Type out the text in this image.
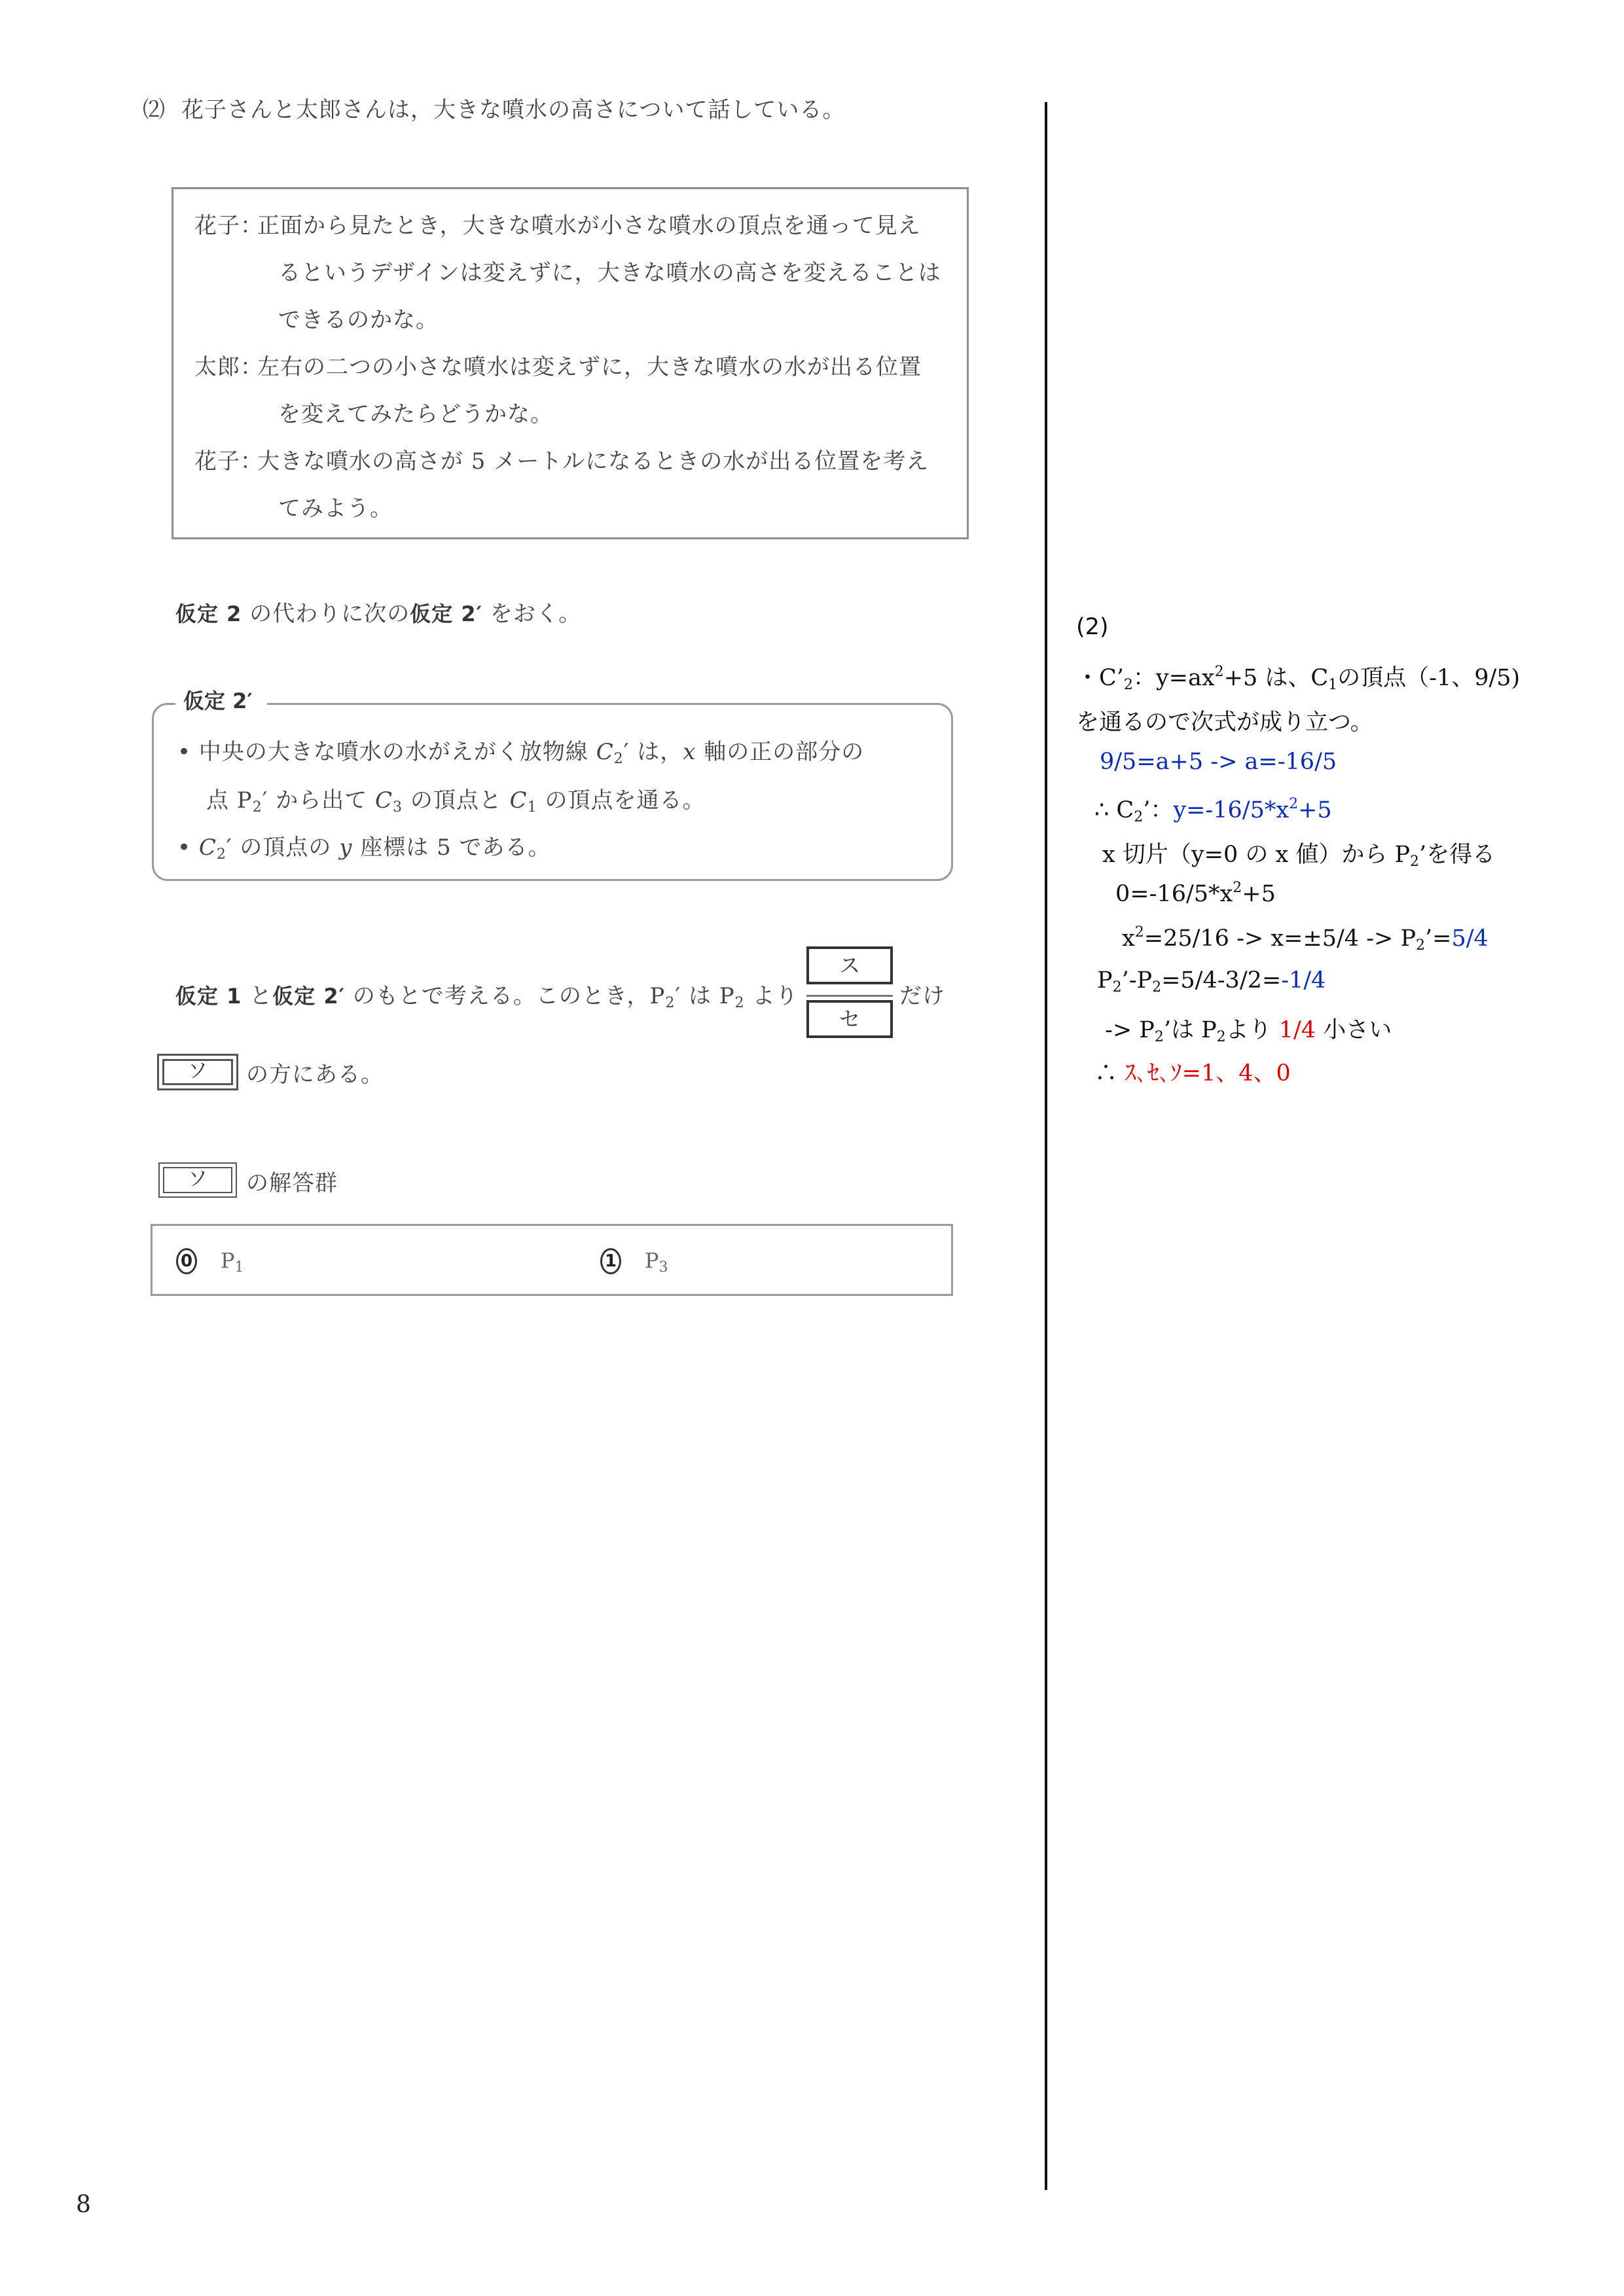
⑵ 花子さんと太郎さんは，大きな噴水の高さについて話している。
花子：正面から見たとき，大きな噴水が小さな噴水の頂点を通って見え
るというデザインは変えずに，大きな噴水の高さを変えることは
できるのかな。
太郎：左右の二つの小さな噴水は変えずに，大きな噴水の水が出る位置
を変えてみたらどうかな。
花子：大きな噴水の高さが 5 メートルになるときの水が出る位置を考え
てみよう。
仮定 2 の代わりに次の仮定 2′ をおく。
• 中央の大きな噴水の水がえがく放物線 $C_2'$ は，x 軸の正の部分の
点 $P_2'$ から出て $C_3$ の頂点と $C_1$ の頂点を通る。
• $C_2'$ の頂点の y 座標は 5 である。
仮定 2′
仮定 1 と仮定 2′ のもとで考える。このとき，$P_2'$ は $P_2$ より
ス
セ
だけ
ソ	の方にある。
ソ	の解答群
0 $P_1$	1 $P_3$
8
(2)
・$C’_2$：$y=ax^2+5$ は、$C_1$の頂点（-1、9/5)
を通るので次式が成り立つ。
9/5=a+5 -> a=-16/5
∴ $C_2$’：$y=-16/5*x^2+5$
x 切片（y=0 の x 値）から $P_2$’を得る
$0=-16/5*x^2+5$
$x^2=25/16 -> x=\pm 5/4$ -> $P_2’=5/4$
$P_2’-P_2=5/4-3/2=-1/4$
-> $P_2$’は $P_2$より 1/4 小さい
∴ ｽ､ｾ､ｿ=1、4、0
